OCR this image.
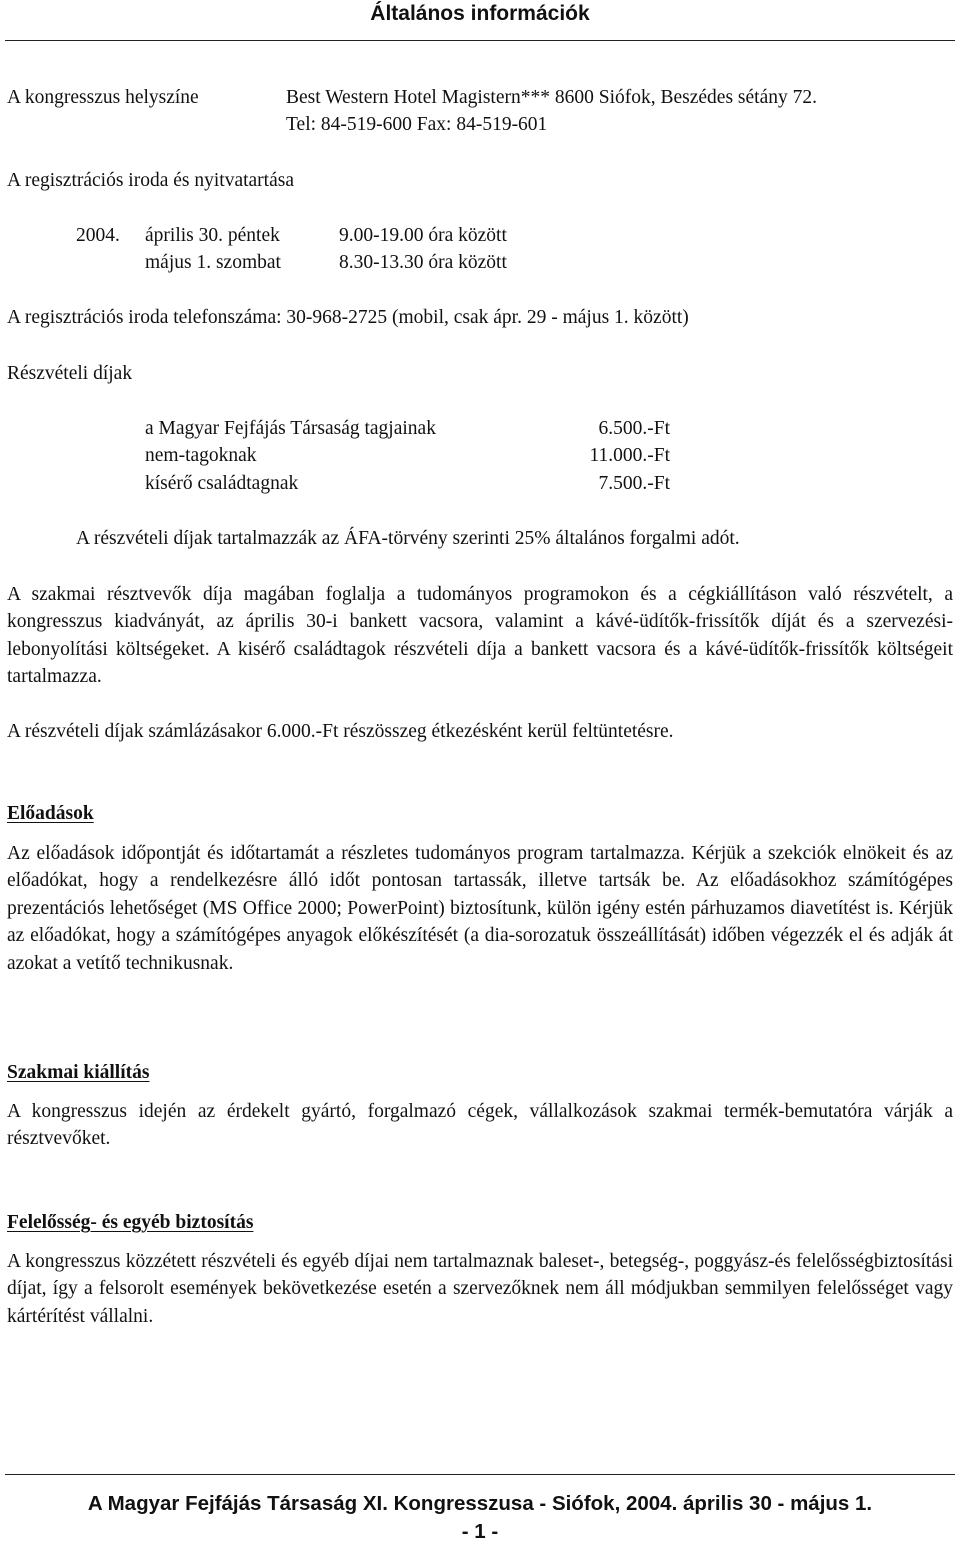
Általános információk
A kongresszus helyszíne	Best Western Hotel Magistern*** 8600 Siófok, Beszédes sétány 72.
Tel: 84-519-600 Fax: 84-519-601
A regisztrációs iroda és nyitvatartása
2004. április 30. péntek	9.00-19.00 óra között
május 1. szombat	8.30-13.30 óra között
A regisztrációs iroda telefonszáma: 30-968-2725 (mobil, csak ápr. 29 - május 1. között)
Részvételi díjak
a Magyar Fejfájás Társaság tagjainak	6.500.-Ft
nem-tagoknak	11.000.-Ft
kísérő családtagnak	7.500.-Ft
A részvételi díjak tartalmazzák az ÁFA-törvény szerinti 25% általános forgalmi adót.
A szakmai résztvevők díja magában foglalja a tudományos programokon és a cégkiállításon való részvételt, a kongresszus kiadványát, az április 30-i bankett vacsora, valamint a kávé-üdítők-frissítők díját és a szervezési-lebonyolítási költségeket. A kisérő családtagok részvételi díja a bankett vacsora és a kávé-üdítők-frissítők költségeit tartalmazza.
A részvételi díjak számlázásakor 6.000.-Ft részösszeg étkezésként kerül feltüntetésre.
Előadások
Az előadások időpontját és időtartamát a részletes tudományos program tartalmazza. Kérjük a szekciók elnökeit és az előadókat, hogy a rendelkezésre álló időt pontosan tartassák, illetve tartsák be. Az előadásokhoz számítógépes prezentációs lehetőséget (MS Office 2000; PowerPoint) biztosítunk, külön igény estén párhuzamos diavetítést is. Kérjük az előadókat, hogy a számítógépes anyagok előkészítését (a dia-sorozatuk összeállítását) időben végezzék el és adják át azokat a vetítő technikusnak.
Szakmai kiállítás
A kongresszus idején az érdekelt gyártó, forgalmazó cégek, vállalkozások szakmai termék-bemutatóra várják a résztvevőket.
Felelősség- és egyéb biztosítás
A kongresszus közzétett részvételi és egyéb díjai nem tartalmaznak baleset-, betegség-, poggyász-és felelősségbiztosítási díjat, így a felsorolt események bekövetkezése esetén a szervezőknek nem áll módjukban semmilyen felelősséget vagy kártérítést vállalni.
A Magyar Fejfájás Társaság XI. Kongresszusa - Siófok, 2004. április 30 - május 1.
- 1 -
